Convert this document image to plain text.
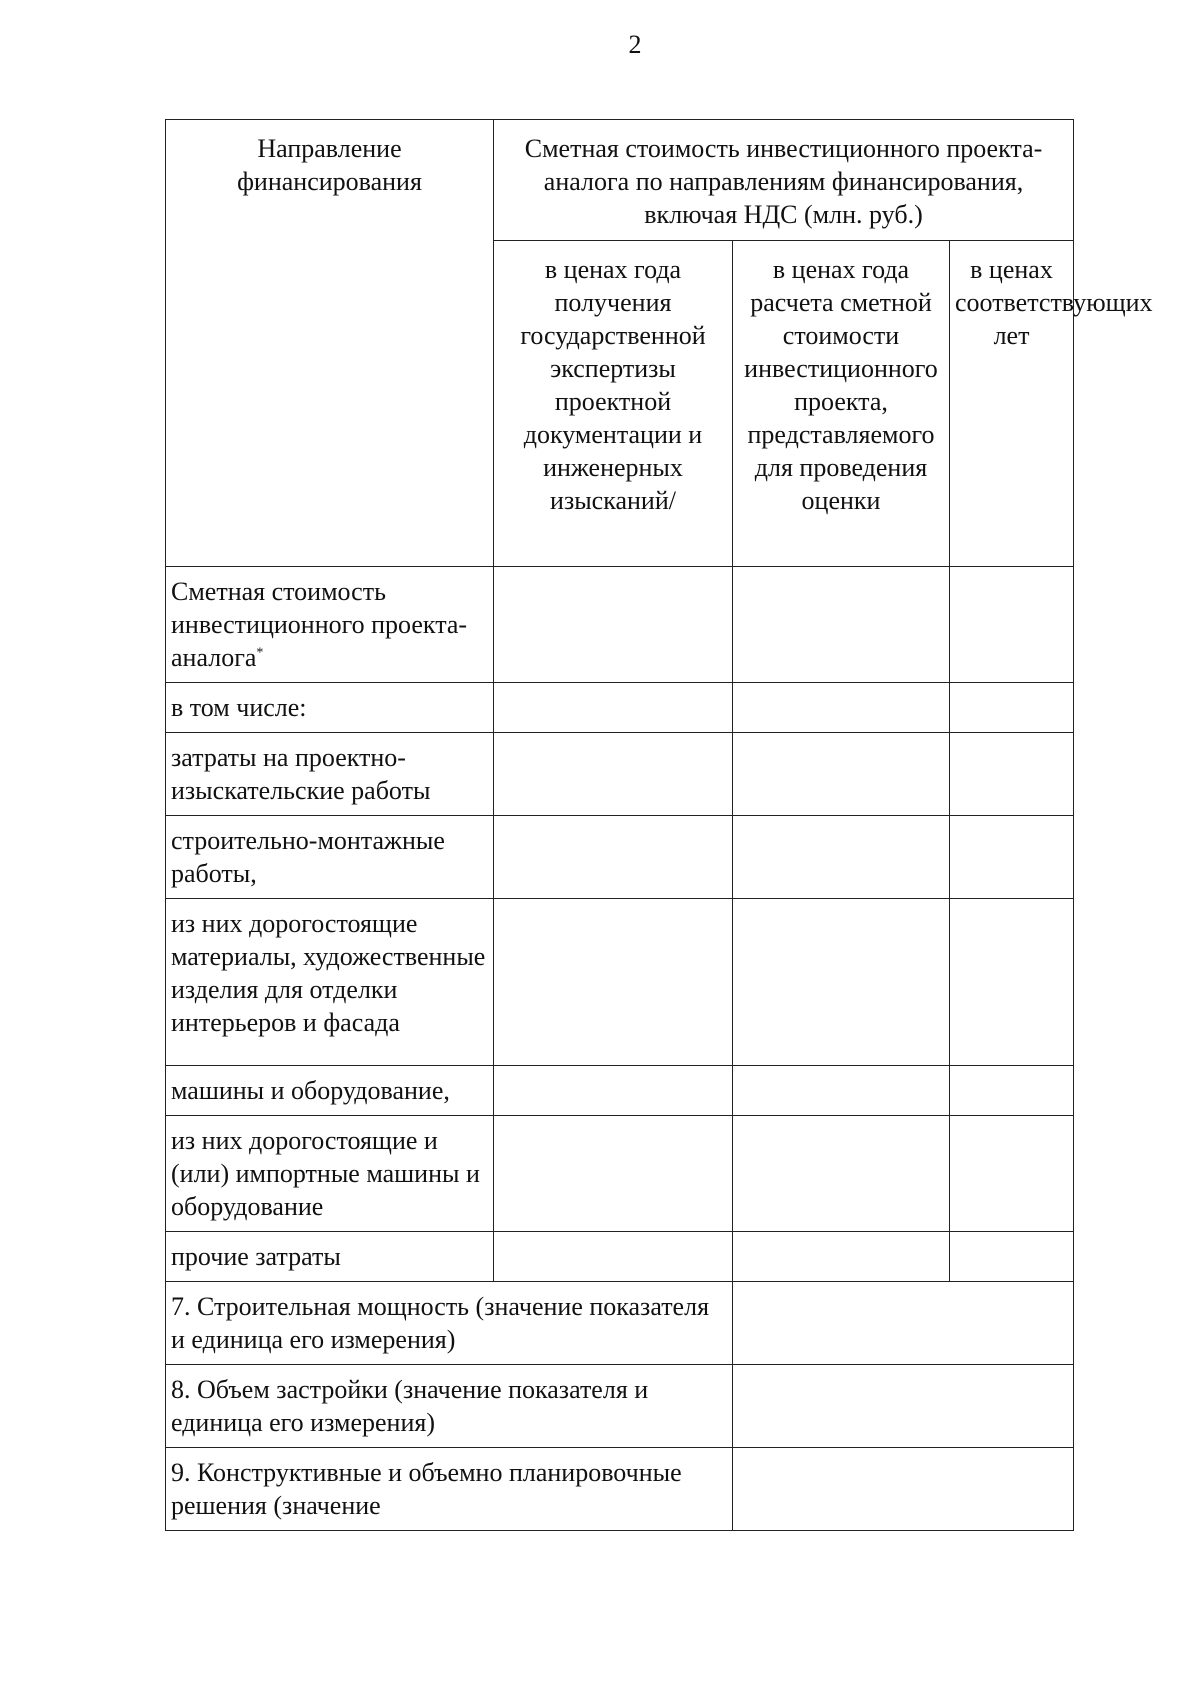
2
Направление финансирования	Сметная стоимость инвестиционного проекта-аналога по направлениям финансирования, включая НДС (млн. руб.)		
	в ценах года получения государственной экспертизы проектной документации и инженерных изысканий/	в ценах года расчета сметной стоимости инвестиционного проекта, представляемого для проведения оценки	в ценах соответствующих лет
Сметная стоимость инвестиционного проекта-аналога*			
в том числе:			
затраты на проектно-изыскательские работы			
строительно-монтажные работы,			
из них дорогостоящие материалы, художественные изделия для отделки интерьеров и фасада			
машины и оборудование,			
из них дорогостоящие и (или) импортные машины и оборудование			
прочие затраты			
7. Строительная мощность (значение показателя и единица его измерения)			
8. Объем застройки (значение показателя и единица его измерения)			
9. Конструктивные и объемно планировочные решения (значение			
